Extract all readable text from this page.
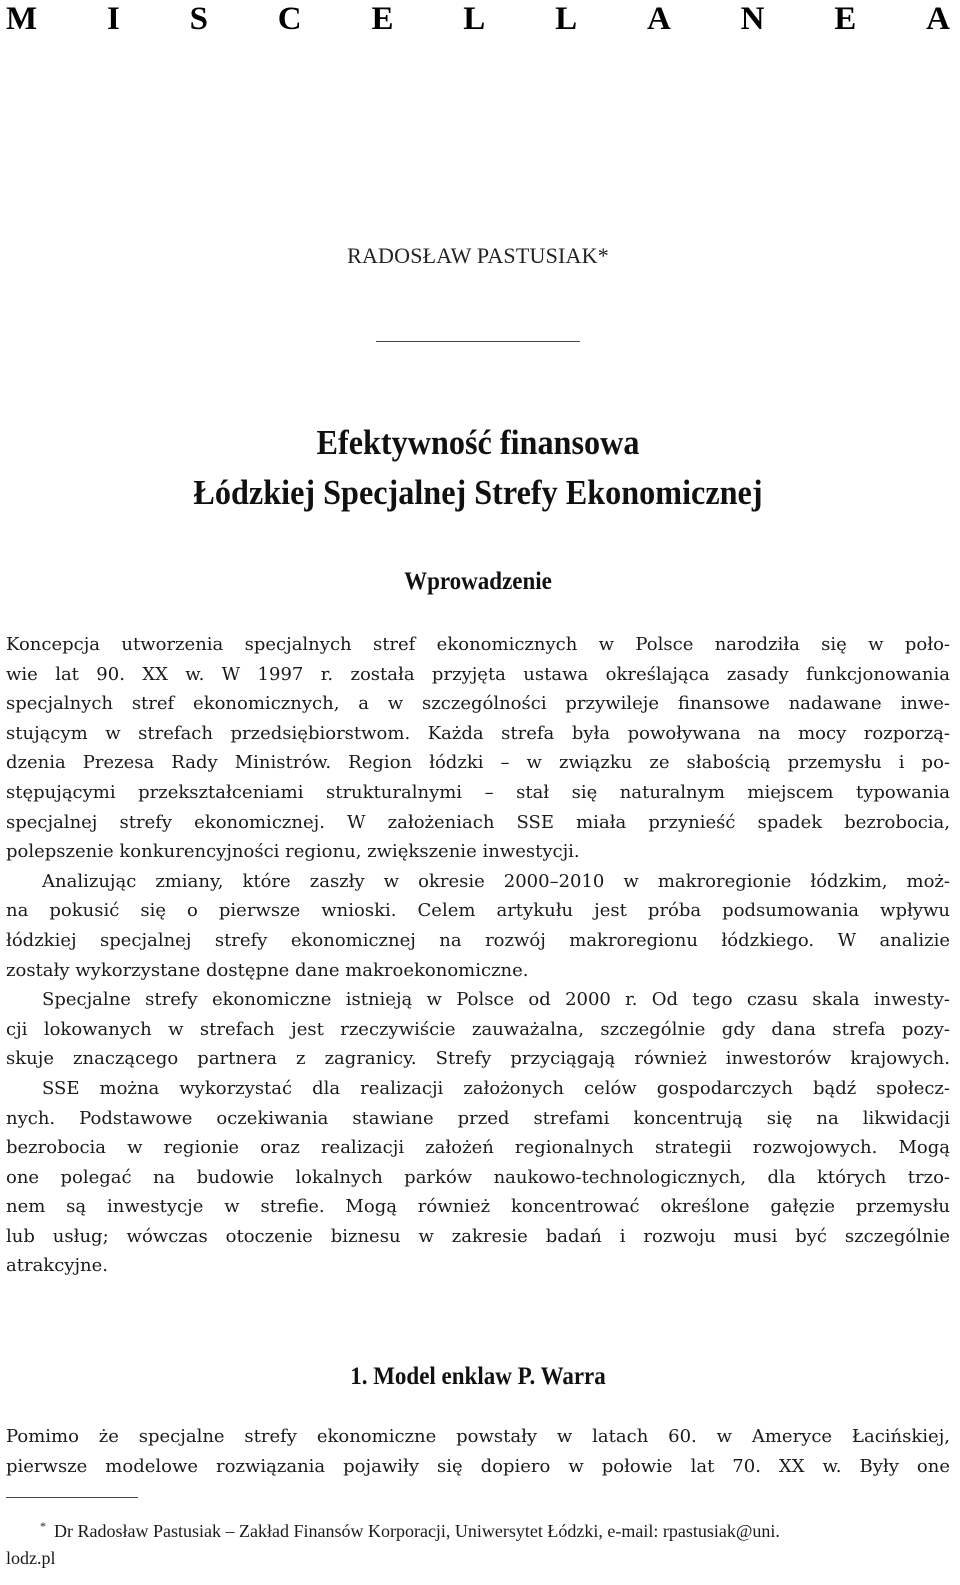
M I S C E L L A N E A
RADOSŁAW PASTUSIAK*
Efektywność finansowa
Łódzkiej Specjalnej Strefy Ekonomicznej
Wprowadzenie
Koncepcja utworzenia specjalnych stref ekonomicznych w Polsce narodziła się w poło-
wie lat 90. XX w. W 1997 r. została przyjęta ustawa określająca zasady funkcjonowania
specjalnych stref ekonomicznych, a w szczególności przywileje finansowe nadawane inwe-
stującym w strefach przedsiębiorstwom. Każda strefa była powoływana na mocy rozporzą-
dzenia Prezesa Rady Ministrów. Region łódzki – w związku ze słabością przemysłu i po-
stępującymi przekształceniami strukturalnymi – stał się naturalnym miejscem typowania
specjalnej strefy ekonomicznej. W założeniach SSE miała przynieść spadek bezrobocia,
polepszenie konkurencyjności regionu, zwiększenie inwestycji.
Analizując zmiany, które zaszły w okresie 2000–2010 w makroregionie łódzkim, moż-
na pokusić się o pierwsze wnioski. Celem artykułu jest próba podsumowania wpływu
łódzkiej specjalnej strefy ekonomicznej na rozwój makroregionu łódzkiego. W analizie
zostały wykorzystane dostępne dane makroekonomiczne.
Specjalne strefy ekonomiczne istnieją w Polsce od 2000 r. Od tego czasu skala inwesty-
cji lokowanych w strefach jest rzeczywiście zauważalna, szczególnie gdy dana strefa pozy-
skuje znaczącego partnera z zagranicy. Strefy przyciągają również inwestorów krajowych.
SSE można wykorzystać dla realizacji założonych celów gospodarczych bądź społecz-
nych. Podstawowe oczekiwania stawiane przed strefami koncentrują się na likwidacji
bezrobocia w regionie oraz realizacji założeń regionalnych strategii rozwojowych. Mogą
one polegać na budowie lokalnych parków naukowo-technologicznych, dla których trzo-
nem są inwestycje w strefie. Mogą również koncentrować określone gałęzie przemysłu
lub usług; wówczas otoczenie biznesu w zakresie badań i rozwoju musi być szczególnie
atrakcyjne.
1. Model enklaw P. Warra
Pomimo że specjalne strefy ekonomiczne powstały w latach 60. w Ameryce Łacińskiej,
pierwsze modelowe rozwiązania pojawiły się dopiero w połowie lat 70. XX w. Były one
* Dr Radosław Pastusiak – Zakład Finansów Korporacji, Uniwersytet Łódzki, e-mail: rpastusiak@uni.
lodz.pl
